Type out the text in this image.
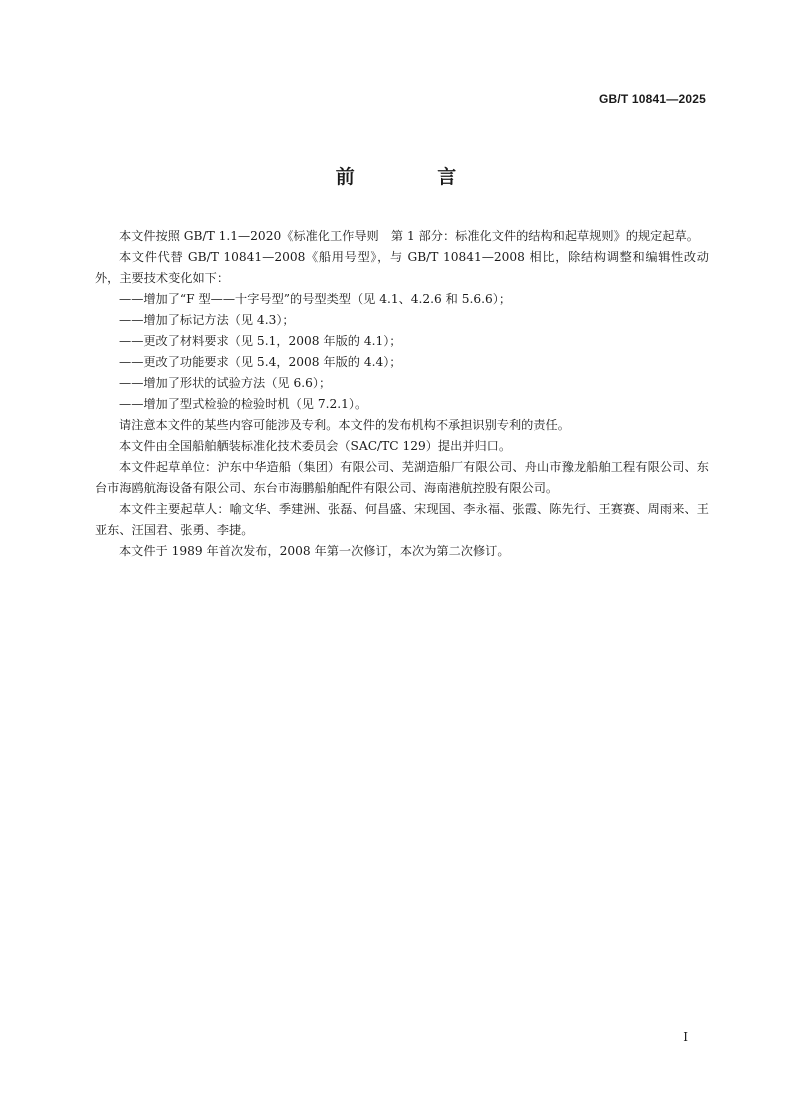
GB/T 10841—2025
前 言

本文件按照 GB/T 1.1—2020《标准化工作导则　第 1 部分：标准化文件的结构和起草规则》的规定起草。

本文件代替 GB/T 10841—2008《船用号型》，与 GB/T 10841—2008 相比，除结构调整和编辑性改动外，主要技术变化如下：

——增加了“F 型——十字号型”的号型类型（见 4.1、4.2.6 和 5.6.6）；

——增加了标记方法（见 4.3）；

——更改了材料要求（见 5.1，2008 年版的 4.1）；

——更改了功能要求（见 5.4，2008 年版的 4.4）；

——增加了形状的试验方法（见 6.6）；

——增加了型式检验的检验时机（见 7.2.1）。

请注意本文件的某些内容可能涉及专利。本文件的发布机构不承担识别专利的责任。

本文件由全国船舶舾装标准化技术委员会（SAC/TC 129）提出并归口。

本文件起草单位：沪东中华造船（集团）有限公司、芜湖造船厂有限公司、舟山市豫龙船舶工程有限公司、东台市海鸥航海设备有限公司、东台市海鹏船舶配件有限公司、海南港航控股有限公司。

本文件主要起草人：喻文华、季建洲、张磊、何昌盛、宋现国、李永福、张霞、陈先行、王赛赛、周雨来、王亚东、汪国君、张勇、李捷。

本文件于 1989 年首次发布，2008 年第一次修订，本次为第二次修订。

I
